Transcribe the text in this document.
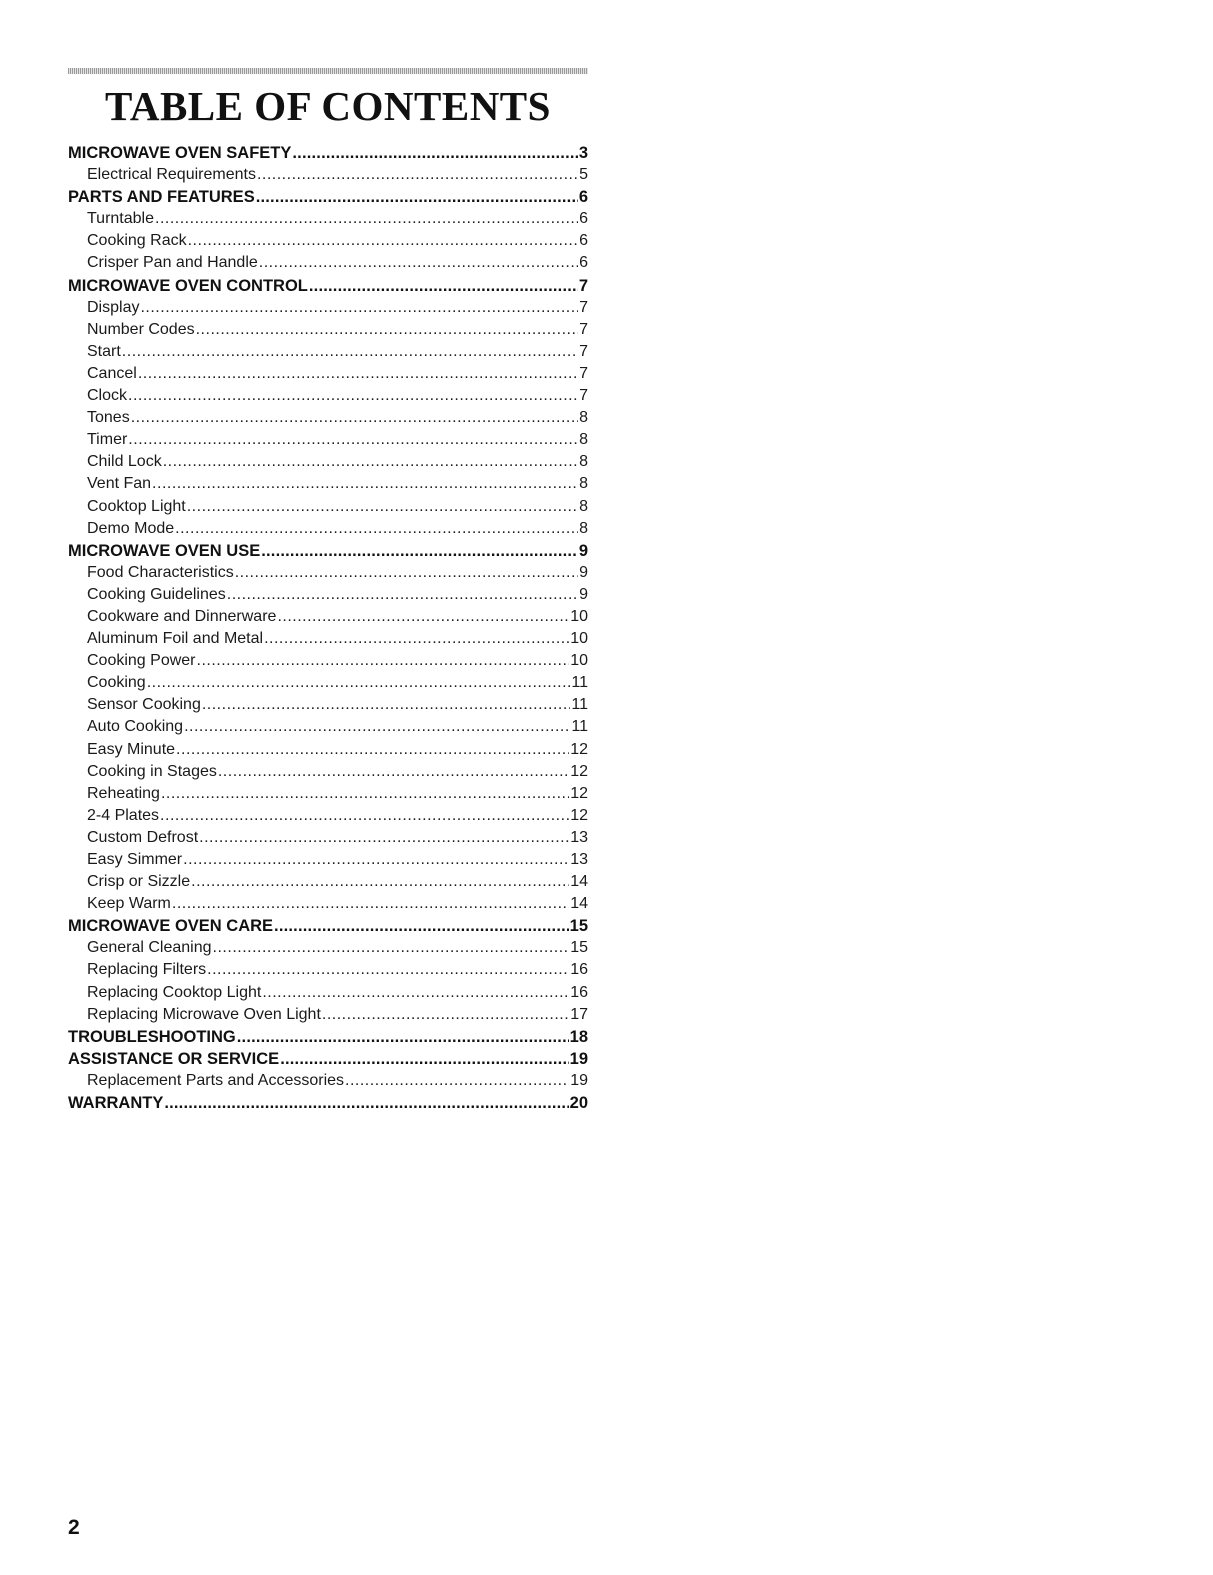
TABLE OF CONTENTS
MICROWAVE OVEN SAFETY .....	3
Electrical Requirements .....	5
PARTS AND FEATURES .....	6
Turntable .....	6
Cooking Rack .....	6
Crisper Pan and Handle .....	6
MICROWAVE OVEN CONTROL .....	7
Display .....	7
Number Codes .....	7
Start .....	7
Cancel .....	7
Clock .....	7
Tones .....	8
Timer .....	8
Child Lock .....	8
Vent Fan .....	8
Cooktop Light .....	8
Demo Mode .....	8
MICROWAVE OVEN USE .....	9
Food Characteristics .....	9
Cooking Guidelines .....	9
Cookware and Dinnerware .....	10
Aluminum Foil and Metal .....	10
Cooking Power .....	10
Cooking .....	11
Sensor Cooking .....	11
Auto Cooking .....	11
Easy Minute .....	12
Cooking in Stages .....	12
Reheating .....	12
2-4 Plates .....	12
Custom Defrost .....	13
Easy Simmer .....	13
Crisp or Sizzle .....	14
Keep Warm .....	14
MICROWAVE OVEN CARE .....	15
General Cleaning .....	15
Replacing Filters .....	16
Replacing Cooktop Light .....	16
Replacing Microwave Oven Light .....	17
TROUBLESHOOTING .....	18
ASSISTANCE OR SERVICE .....	19
Replacement Parts and Accessories .....	19
WARRANTY .....	20

2
